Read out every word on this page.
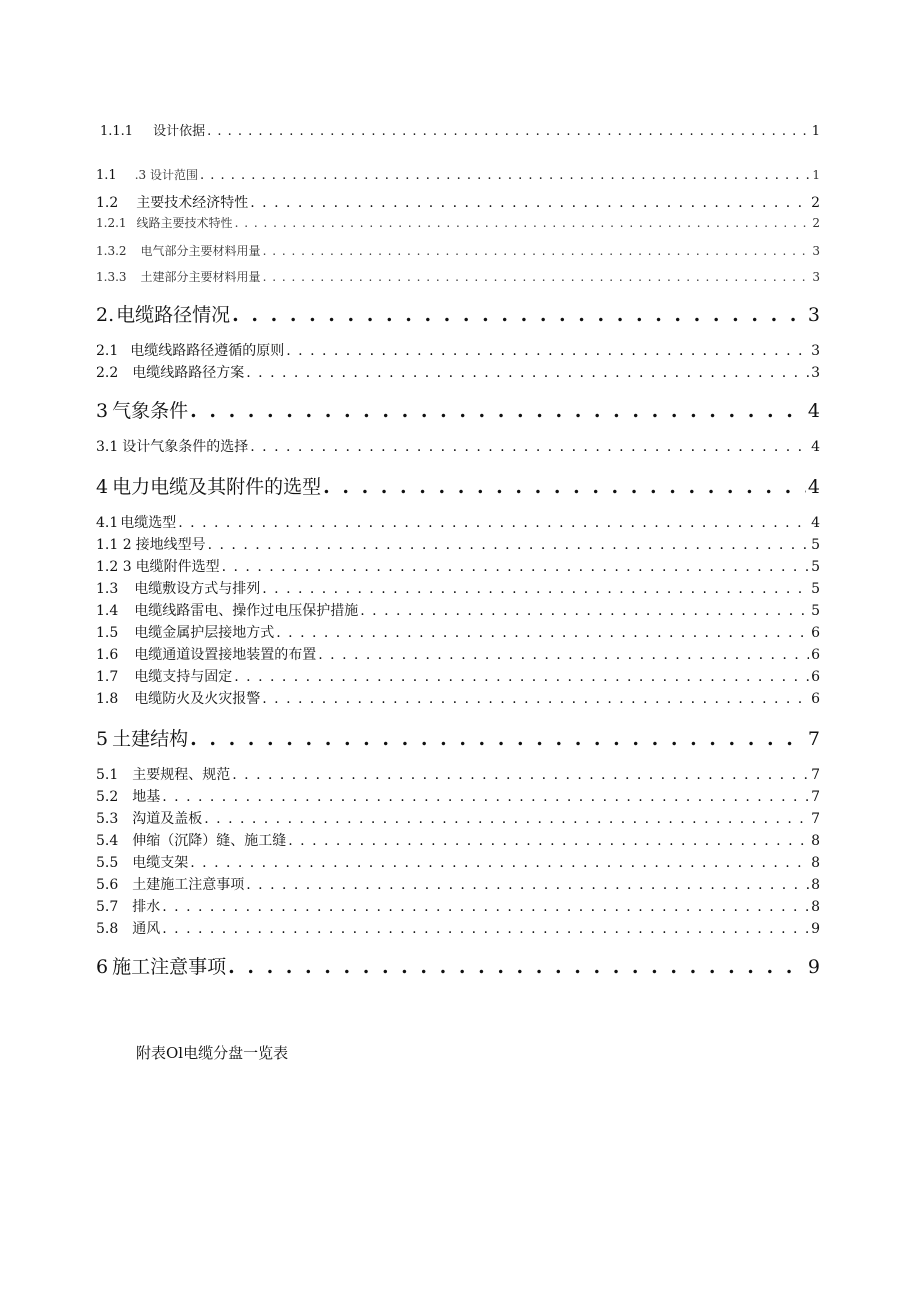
1.1.1 设计依据 . . .	1
1.1 .3 设计范围 . . .	1
1.2 主要技术经济特性 . . .	2
1.2.1 线路主要技术特性 . . .	2
1.3.2 电气部分主要材料用量 . . .	3
1.3.3 土建部分主要材料用量 . . .	3
2. 电缆路径情况 . . .	3
2.1 电缆线路路径遵循的原则 . . .	3
2.2 电缆线路路径方案 . . .	3
3 气象条件 . . .	4
3.1 设计气象条件的选择 . . .	4
4 电力电缆及其附件的选型 . . .	4
4.1 电缆选型 . . .	4
1.1 2 接地线型号 . . .	5
1.2 3 电缆附件选型 . . .	5
1.3 电缆敷设方式与排列 . . .	5
1.4 电缆线路雷电、操作过电压保护措施 . . .	5
1.5 电缆金属护层接地方式 . . .	6
1.6 电缆通道设置接地装置的布置 . . .	6
1.7 电缆支持与固定 . . .	6
1.8 电缆防火及火灾报警 . . .	6
5 土建结构 . . .	7
5.1 主要规程、规范 . . .	7
5.2 地基 . . .	7
5.3 沟道及盖板 . . .	7
5.4 伸缩（沉降）缝、施工缝 . . .	8
5.5 电缆支架 . . .	8
5.6 土建施工注意事项 . . .	8
5.7 排水 . . .	8
5.8 通风 . . .	9
6 施工注意事项 . . .	9
附表Ol电缆分盘一览表
